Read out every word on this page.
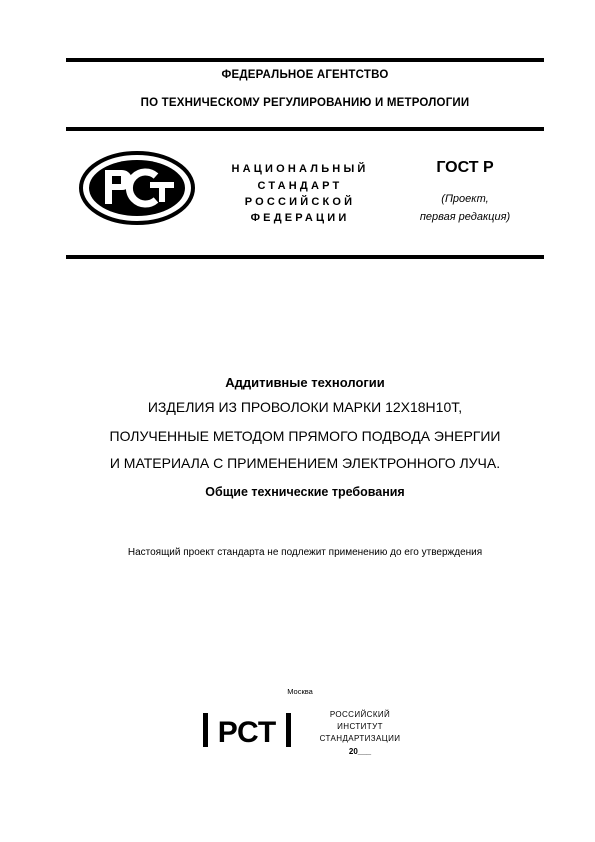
ФЕДЕРАЛЬНОЕ АГЕНТСТВО
ПО ТЕХНИЧЕСКОМУ РЕГУЛИРОВАНИЮ И МЕТРОЛОГИИ
НАЦИОНАЛЬНЫЙ
СТАНДАРТ
РОССИЙСКОЙ
ФЕДЕРАЦИИ
ГОСТ Р
(Проект,
первая редакция)
Аддитивные технологии
ИЗДЕЛИЯ ИЗ ПРОВОЛОКИ МАРКИ 12Х18Н10Т,
ПОЛУЧЕННЫЕ МЕТОДОМ ПРЯМОГО ПОДВОДА ЭНЕРГИИ
И МАТЕРИАЛА С ПРИМЕНЕНИЕМ ЭЛЕКТРОННОГО ЛУЧА.
Общие технические требования
Настоящий проект стандарта не подлежит применению до его утверждения
Москва
РСТ
РОССИЙСКИЙ
ИНСТИТУТ
СТАНДАРТИЗАЦИИ
20___
